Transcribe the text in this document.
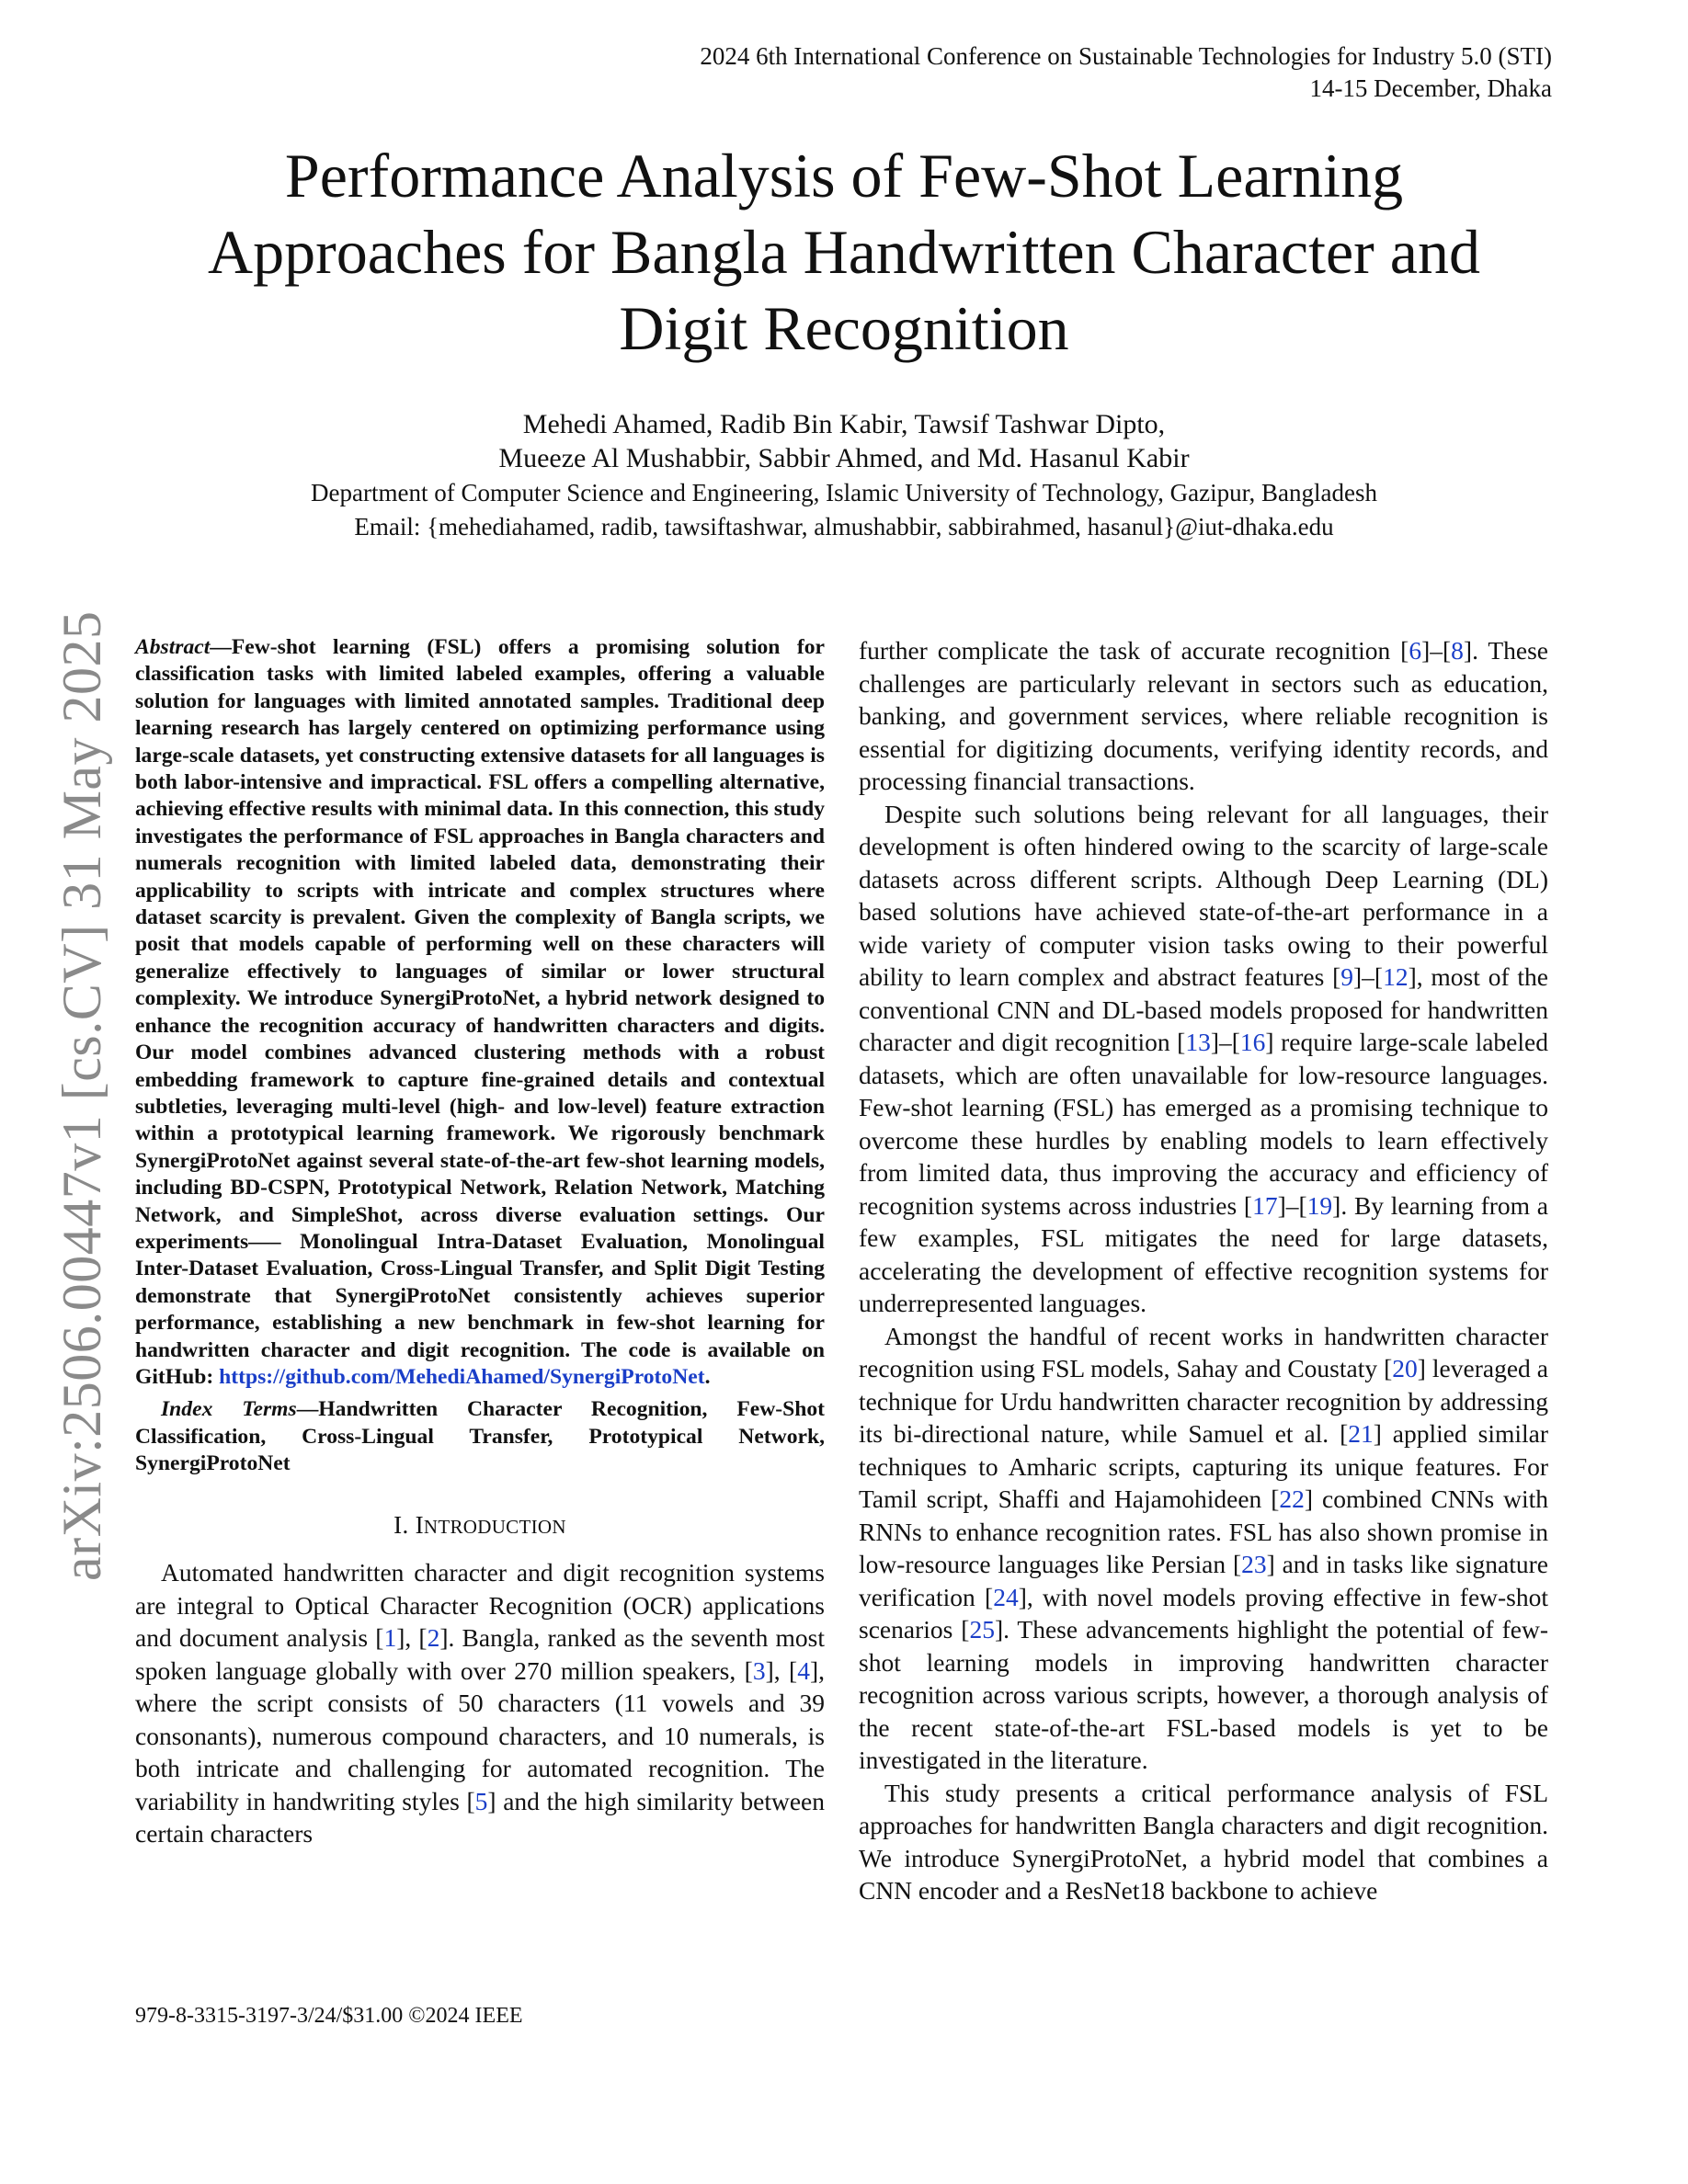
2024 6th International Conference on Sustainable Technologies for Industry 5.0 (STI)
14-15 December, Dhaka
Performance Analysis of Few-Shot Learning
Approaches for Bangla Handwritten Character and
Digit Recognition
Mehedi Ahamed, Radib Bin Kabir, Tawsif Tashwar Dipto,
Mueeze Al Mushabbir, Sabbir Ahmed, and Md. Hasanul Kabir
Department of Computer Science and Engineering, Islamic University of Technology, Gazipur, Bangladesh
Email: {mehediahamed, radib, tawsiftashwar, almushabbir, sabbirahmed, hasanul}@iut-dhaka.edu
arXiv:2506.00447v1 [cs.CV] 31 May 2025 Abstract—Few-shot learning (FSL) offers a promising solution for classification tasks with limited labeled examples, offering a valuable solution for languages with limited annotated samples. Traditional deep learning research has largely centered on optimizing performance using large-scale datasets, yet constructing extensive datasets for all languages is both labor-intensive and impractical. FSL offers a compelling alternative, achieving effective results with minimal data. In this connection, this study investigates the performance of FSL approaches in Bangla characters and numerals recognition with limited labeled data, demonstrating their applicability to scripts with intricate and complex structures where dataset scarcity is prevalent. Given the complexity of Bangla scripts, we posit that models capable of performing well on these characters will generalize effectively to languages of similar or lower structural complexity. We introduce SynergiProtoNet, a hybrid network designed to enhance the recognition accuracy of handwritten characters and digits. Our model combines advanced clustering methods with a robust embedding framework to capture fine-grained details and contextual subtleties, leveraging multi-level (high- and low-level) feature extraction within a prototypical learning framework. We rigorously benchmark SynergiProtoNet against several state-of-the-art few-shot learning models, including BD-CSPN, Prototypical Network, Relation Network, Matching Network, and SimpleShot, across diverse evaluation settings. Our experiments—– Monolingual Intra-Dataset Evaluation, Monolingual Inter-Dataset Evaluation, Cross-Lingual Transfer, and Split Digit Testing demonstrate that SynergiProtoNet consistently achieves superior performance, establishing a new benchmark in few-shot learning for handwritten character and digit recognition. The code is available on GitHub: https://github.com/MehediAhamed/SynergiProtoNet.

Index Terms—Handwritten Character Recognition, Few-Shot Classification, Cross-Lingual Transfer, Prototypical Network, SynergiProtoNet

I. INTRODUCTION

Automated handwritten character and digit recognition systems are integral to Optical Character Recognition (OCR) applications and document analysis [1], [2]. Bangla, ranked as the seventh most spoken language globally with over 270 million speakers, [3], [4], where the script consists of 50 characters (11 vowels and 39 consonants), numerous compound characters, and 10 numerals, is both intricate and challenging for automated recognition. The variability in handwriting styles [5] and the high similarity between certain characters

further complicate the task of accurate recognition [6]–[8]. These challenges are particularly relevant in sectors such as education, banking, and government services, where reliable recognition is essential for digitizing documents, verifying identity records, and processing financial transactions.

Despite such solutions being relevant for all languages, their development is often hindered owing to the scarcity of large-scale datasets across different scripts. Although Deep Learning (DL) based solutions have achieved state-of-the-art performance in a wide variety of computer vision tasks owing to their powerful ability to learn complex and abstract features [9]–[12], most of the conventional CNN and DL-based models proposed for handwritten character and digit recognition [13]–[16] require large-scale labeled datasets, which are often unavailable for low-resource languages. Few-shot learning (FSL) has emerged as a promising technique to overcome these hurdles by enabling models to learn effectively from limited data, thus improving the accuracy and efficiency of recognition systems across industries [17]–[19]. By learning from a few examples, FSL mitigates the need for large datasets, accelerating the development of effective recognition systems for underrepresented languages.

Amongst the handful of recent works in handwritten character recognition using FSL models, Sahay and Coustaty [20] leveraged a technique for Urdu handwritten character recognition by addressing its bi-directional nature, while Samuel et al. [21] applied similar techniques to Amharic scripts, capturing its unique features. For Tamil script, Shaffi and Hajamohideen [22] combined CNNs with RNNs to enhance recognition rates. FSL has also shown promise in low-resource languages like Persian [23] and in tasks like signature verification [24], with novel models proving effective in few-shot scenarios [25]. These advancements highlight the potential of few-shot learning models in improving handwritten character recognition across various scripts, however, a thorough analysis of the recent state-of-the-art FSL-based models is yet to be investigated in the literature.

This study presents a critical performance analysis of FSL approaches for handwritten Bangla characters and digit recognition. We introduce SynergiProtoNet, a hybrid model that combines a CNN encoder and a ResNet18 backbone to achieve

979-8-3315-3197-3/24/$31.00 ©2024 IEEE
